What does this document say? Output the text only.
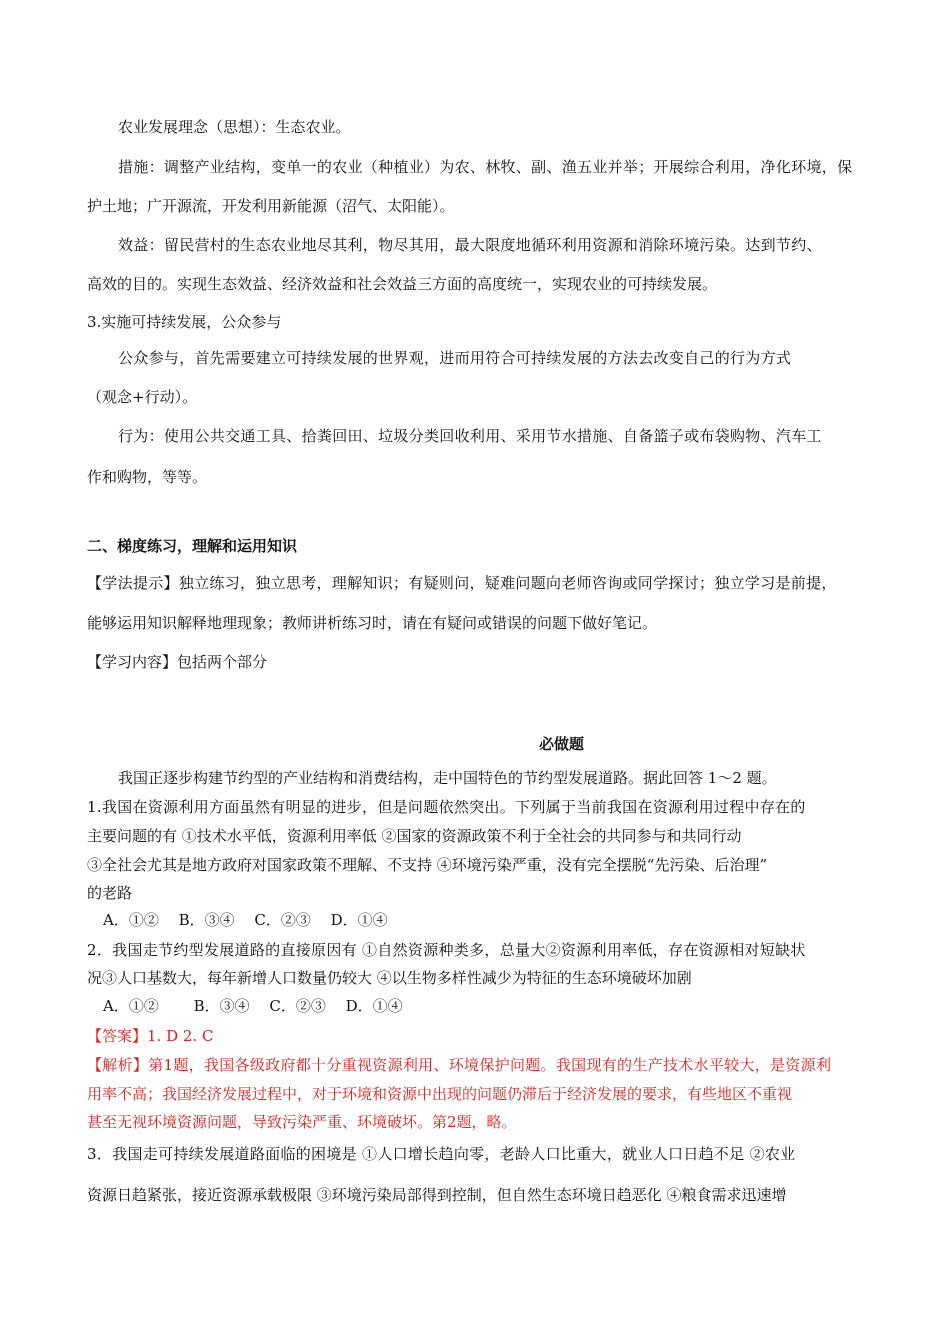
农业发展理念（思想）：生态农业。
措施：调整产业结构，变单一的农业（种植业）为农、林牧、副、渔五业并举；开展综合利用，净化环境，保
护土地；广开源流，开发利用新能源（沼气、太阳能）。
效益：留民营村的生态农业地尽其利，物尽其用，最大限度地循环利用资源和消除环境污染。达到节约、
高效的目的。实现生态效益、经济效益和社会效益三方面的高度统一，实现农业的可持续发展。
3.实施可持续发展，公众参与
公众参与，首先需要建立可持续发展的世界观，进而用符合可持续发展的方法去改变自己的行为方式
（观念+行动）。
行为：使用公共交通工具、拾粪回田、垃圾分类回收利用、采用节水措施、自备篮子或布袋购物、汽车工
作和购物，等等。
二、梯度练习，理解和运用知识
【学法提示】独立练习，独立思考，理解知识；有疑则问，疑难问题向老师咨询或同学探讨；独立学习是前提，
能够运用知识解释地理现象；教师讲析练习时，请在有疑问或错误的问题下做好笔记。
【学习内容】包括两个部分
必做题
我国正逐步构建节约型的产业结构和消费结构，走中国特色的节约型发展道路。据此回答 1～2 题。
1.我国在资源利用方面虽然有明显的进步，但是问题依然突出。下列属于当前我国在资源利用过程中存在的
主要问题的有 ①技术水平低，资源利用率低 ②国家的资源政策不利于全社会的共同参与和共同行动
③全社会尤其是地方政府对国家政策不理解、不支持 ④环境污染严重，没有完全摆脱“先污染、后治理”
的老路
A．①②　 B．③④　 C．②③　 D．①④
2．我国走节约型发展道路的直接原因有 ①自然资源种类多，总量大②资源利用率低，存在资源相对短缺状
况③人口基数大，每年新增人口数量仍较大 ④以生物多样性减少为特征的生态环境破坏加剧
A．①②　　 B．③④　 C．②③　 D．①④
【答案】1. D 2. C
【解析】第1题，我国各级政府都十分重视资源利用、环境保护问题。我国现有的生产技术水平较大，是资源利
用率不高；我国经济发展过程中，对于环境和资源中出现的问题仍滞后于经济发展的要求，有些地区不重视
甚至无视环境资源问题，导致污染严重、环境破坏。第2题，略。
3．我国走可持续发展道路面临的困境是 ①人口增长趋向零，老龄人口比重大，就业人口日趋不足 ②农业
资源日趋紧张，接近资源承载极限 ③环境污染局部得到控制，但自然生态环境日趋恶化 ④粮食需求迅速增
